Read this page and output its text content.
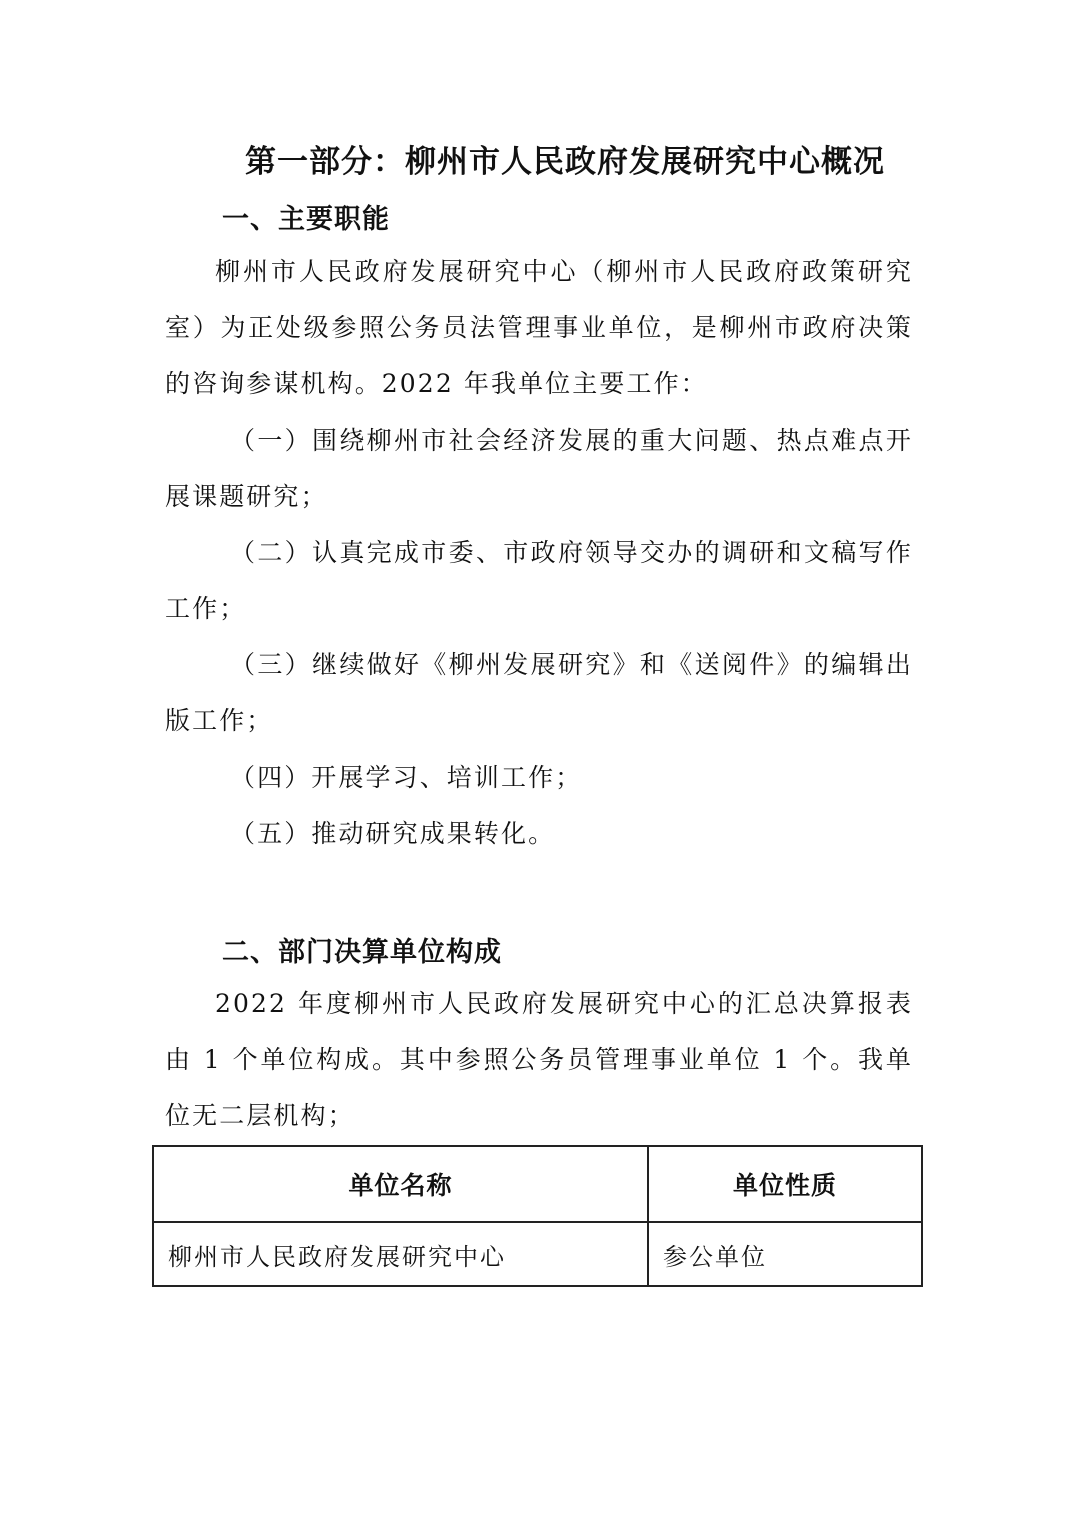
第一部分：柳州市人民政府发展研究中心概况
一、主要职能

柳州市人民政府发展研究中心（柳州市人民政府政策研究室）为正处级参照公务员法管理事业单位，是柳州市政府决策的咨询参谋机构。2022 年我单位主要工作：

（一）围绕柳州市社会经济发展的重大问题、热点难点开展课题研究；

（二）认真完成市委、市政府领导交办的调研和文稿写作工作；

（三）继续做好《柳州发展研究》和《送阅件》的编辑出版工作；

（四）开展学习、培训工作；

（五）推动研究成果转化。

二、部门决算单位构成

2022 年度柳州市人民政府发展研究中心的汇总决算报表由 1 个单位构成。其中参照公务员管理事业单位 1 个。我单位无二层机构；

单位名称	单位性质
柳州市人民政府发展研究中心	参公单位
